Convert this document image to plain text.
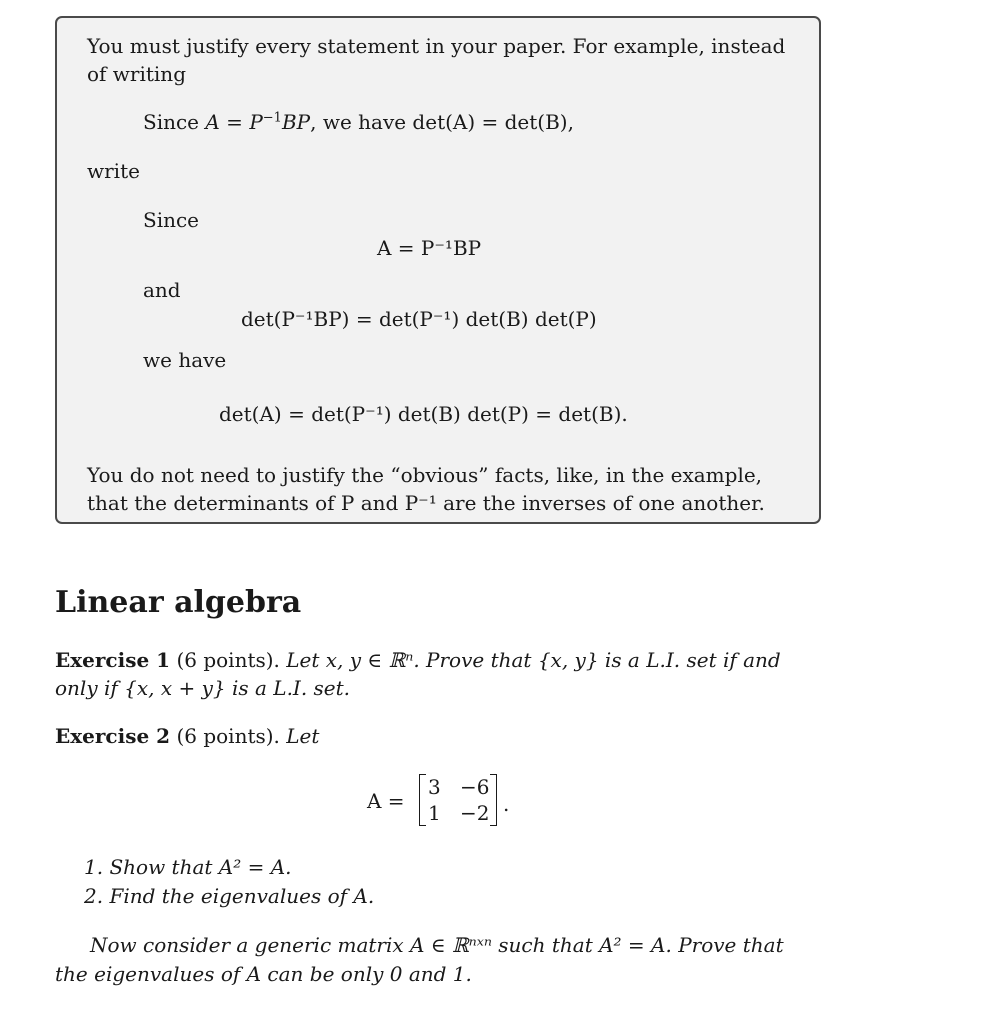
You must justify every statement in your paper. For example, instead
of writing
Since $A = P^{-1}BP$, we have det(A) = det(B),
write
Since
A = P⁻¹BP
and
det(P⁻¹BP) = det(P⁻¹) det(B) det(P)
we have
det(A) = det(P⁻¹) det(B) det(P) = det(B).
You do not need to justify the “obvious” facts, like, in the example,
that the determinants of P and P⁻¹ are the inverses of one another.
Linear algebra
Exercise 1 (6 points). Let x, y ∈ ℝⁿ. Prove that {x, y} is a L.I. set if and
only if {x, x + y} is a L.I. set.
Exercise 2 (6 points). Let
A =
3 −6
1 −2 .
1. Show that A² = A.
2. Find the eigenvalues of A.
Now consider a generic matrix A ∈ ℝⁿˣⁿ such that A² = A. Prove that
the eigenvalues of A can be only 0 and 1.
